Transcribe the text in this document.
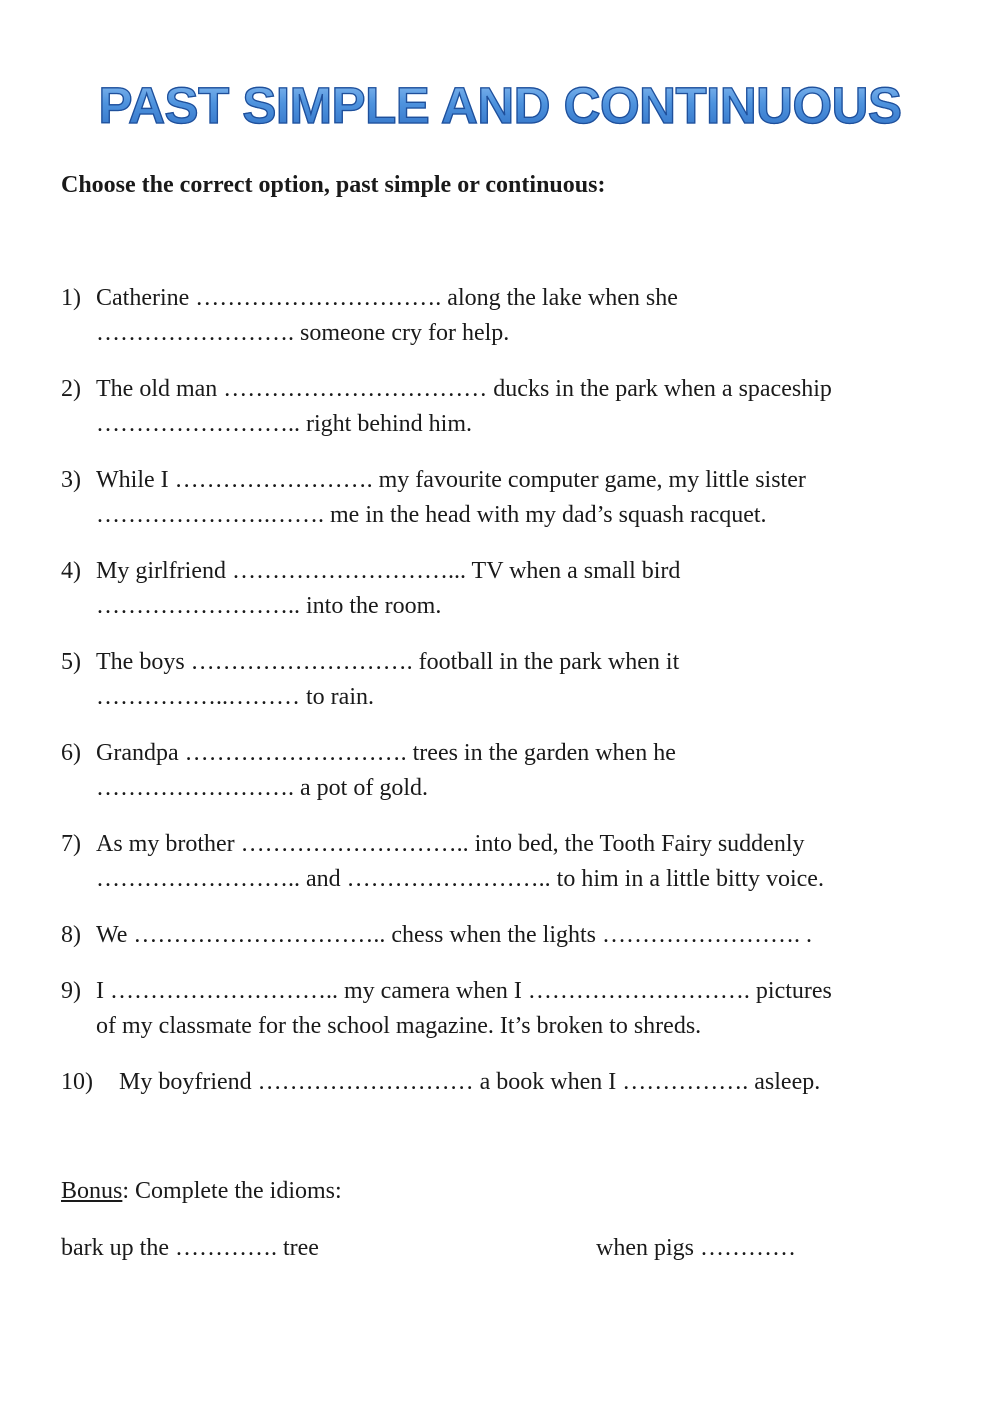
PAST SIMPLE AND CONTINUOUS
Choose the correct option, past simple or continuous:
1) Catherine …………………………. along the lake when she
……………………. someone cry for help.
2) The old man …………………………… ducks in the park when a spaceship
…………………….. right behind him.
3) While I ……………………. my favourite computer game, my little sister
………………….……. me in the head with my dad’s squash racquet.
4) My girlfriend ………………………... TV when a small bird
…………………….. into the room.
5) The boys ………………………. football in the park when it
……………..……… to rain.
6) Grandpa ………………………. trees in the garden when he
……………………. a pot of gold.
7) As my brother ……………………….. into bed, the Tooth Fairy suddenly
…………………….. and …………………….. to him in a little bitty voice.
8) We ………………………….. chess when the lights ……………………. .
9) I ……………………….. my camera when I ………………………. pictures
of my classmate for the school magazine. It’s broken to shreds.
10)	My boyfriend ……………………… a book when I ……………. asleep.
Bonus: Complete the idioms:
bark up the …………. tree	when pigs …………
